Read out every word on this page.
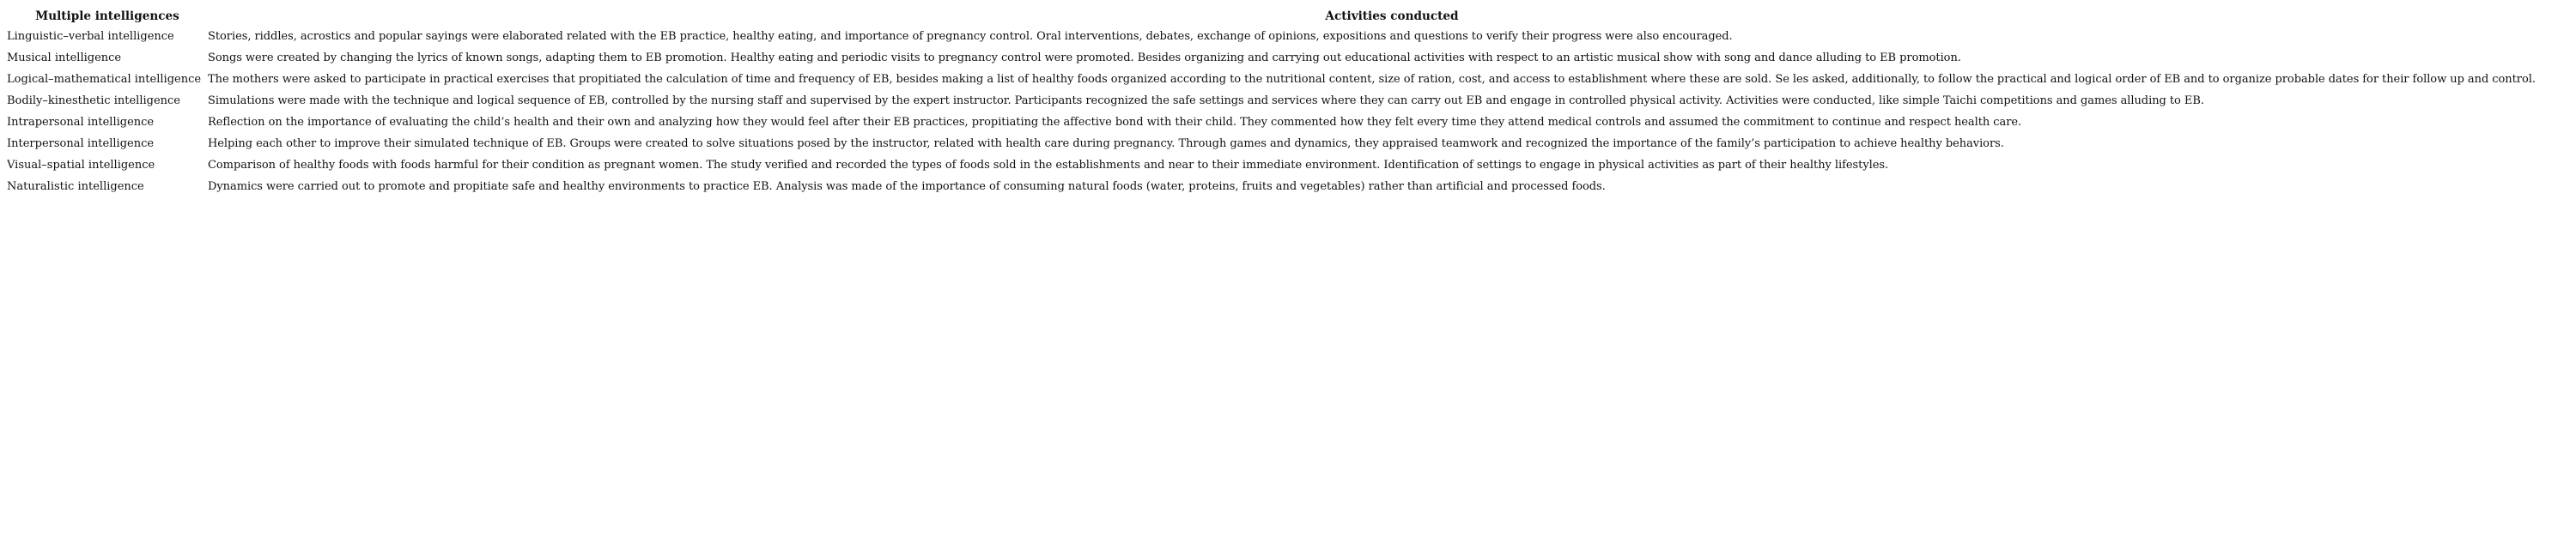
Multiple intelligences	Activities conducted
Linguistic–verbal intelligence	Stories, riddles, acrostics and popular sayings were elaborated related with the EB practice, healthy eating, and importance of pregnancy control. Oral interventions, debates, exchange of opinions, expositions and questions to verify their progress were also encouraged.
Musical intelligence	Songs were created by changing the lyrics of known songs, adapting them to EB promotion. Healthy eating and periodic visits to pregnancy control were promoted. Besides organizing and carrying out educational activities with respect to an artistic musical show with song and dance alluding to EB promotion.
Logical–mathematical intelligence	The mothers were asked to participate in practical exercises that propitiated the calculation of time and frequency of EB, besides making a list of healthy foods organized according to the nutritional content, size of ration, cost, and access to establishment where these are sold. Se les asked, additionally, to follow the practical and logical order of EB and to organize probable dates for their follow up and control.
Bodily–kinesthetic intelligence	Simulations were made with the technique and logical sequence of EB, controlled by the nursing staff and supervised by the expert instructor. Participants recognized the safe settings and services where they can carry out EB and engage in controlled physical activity. Activities were conducted, like simple Taichi competitions and games alluding to EB.
Intrapersonal intelligence	Reflection on the importance of evaluating the child’s health and their own and analyzing how they would feel after their EB practices, propitiating the affective bond with their child. They commented how they felt every time they attend medical controls and assumed the commitment to continue and respect health care.
Interpersonal intelligence	Helping each other to improve their simulated technique of EB. Groups were created to solve situations posed by the instructor, related with health care during pregnancy. Through games and dynamics, they appraised teamwork and recognized the importance of the family’s participation to achieve healthy behaviors.
Visual–spatial intelligence	Comparison of healthy foods with foods harmful for their condition as pregnant women. The study verified and recorded the types of foods sold in the establishments and near to their immediate environment. Identification of settings to engage in physical activities as part of their healthy lifestyles.
Naturalistic intelligence	Dynamics were carried out to promote and propitiate safe and healthy environments to practice EB. Analysis was made of the importance of consuming natural foods (water, proteins, fruits and vegetables) rather than artificial and processed foods.
